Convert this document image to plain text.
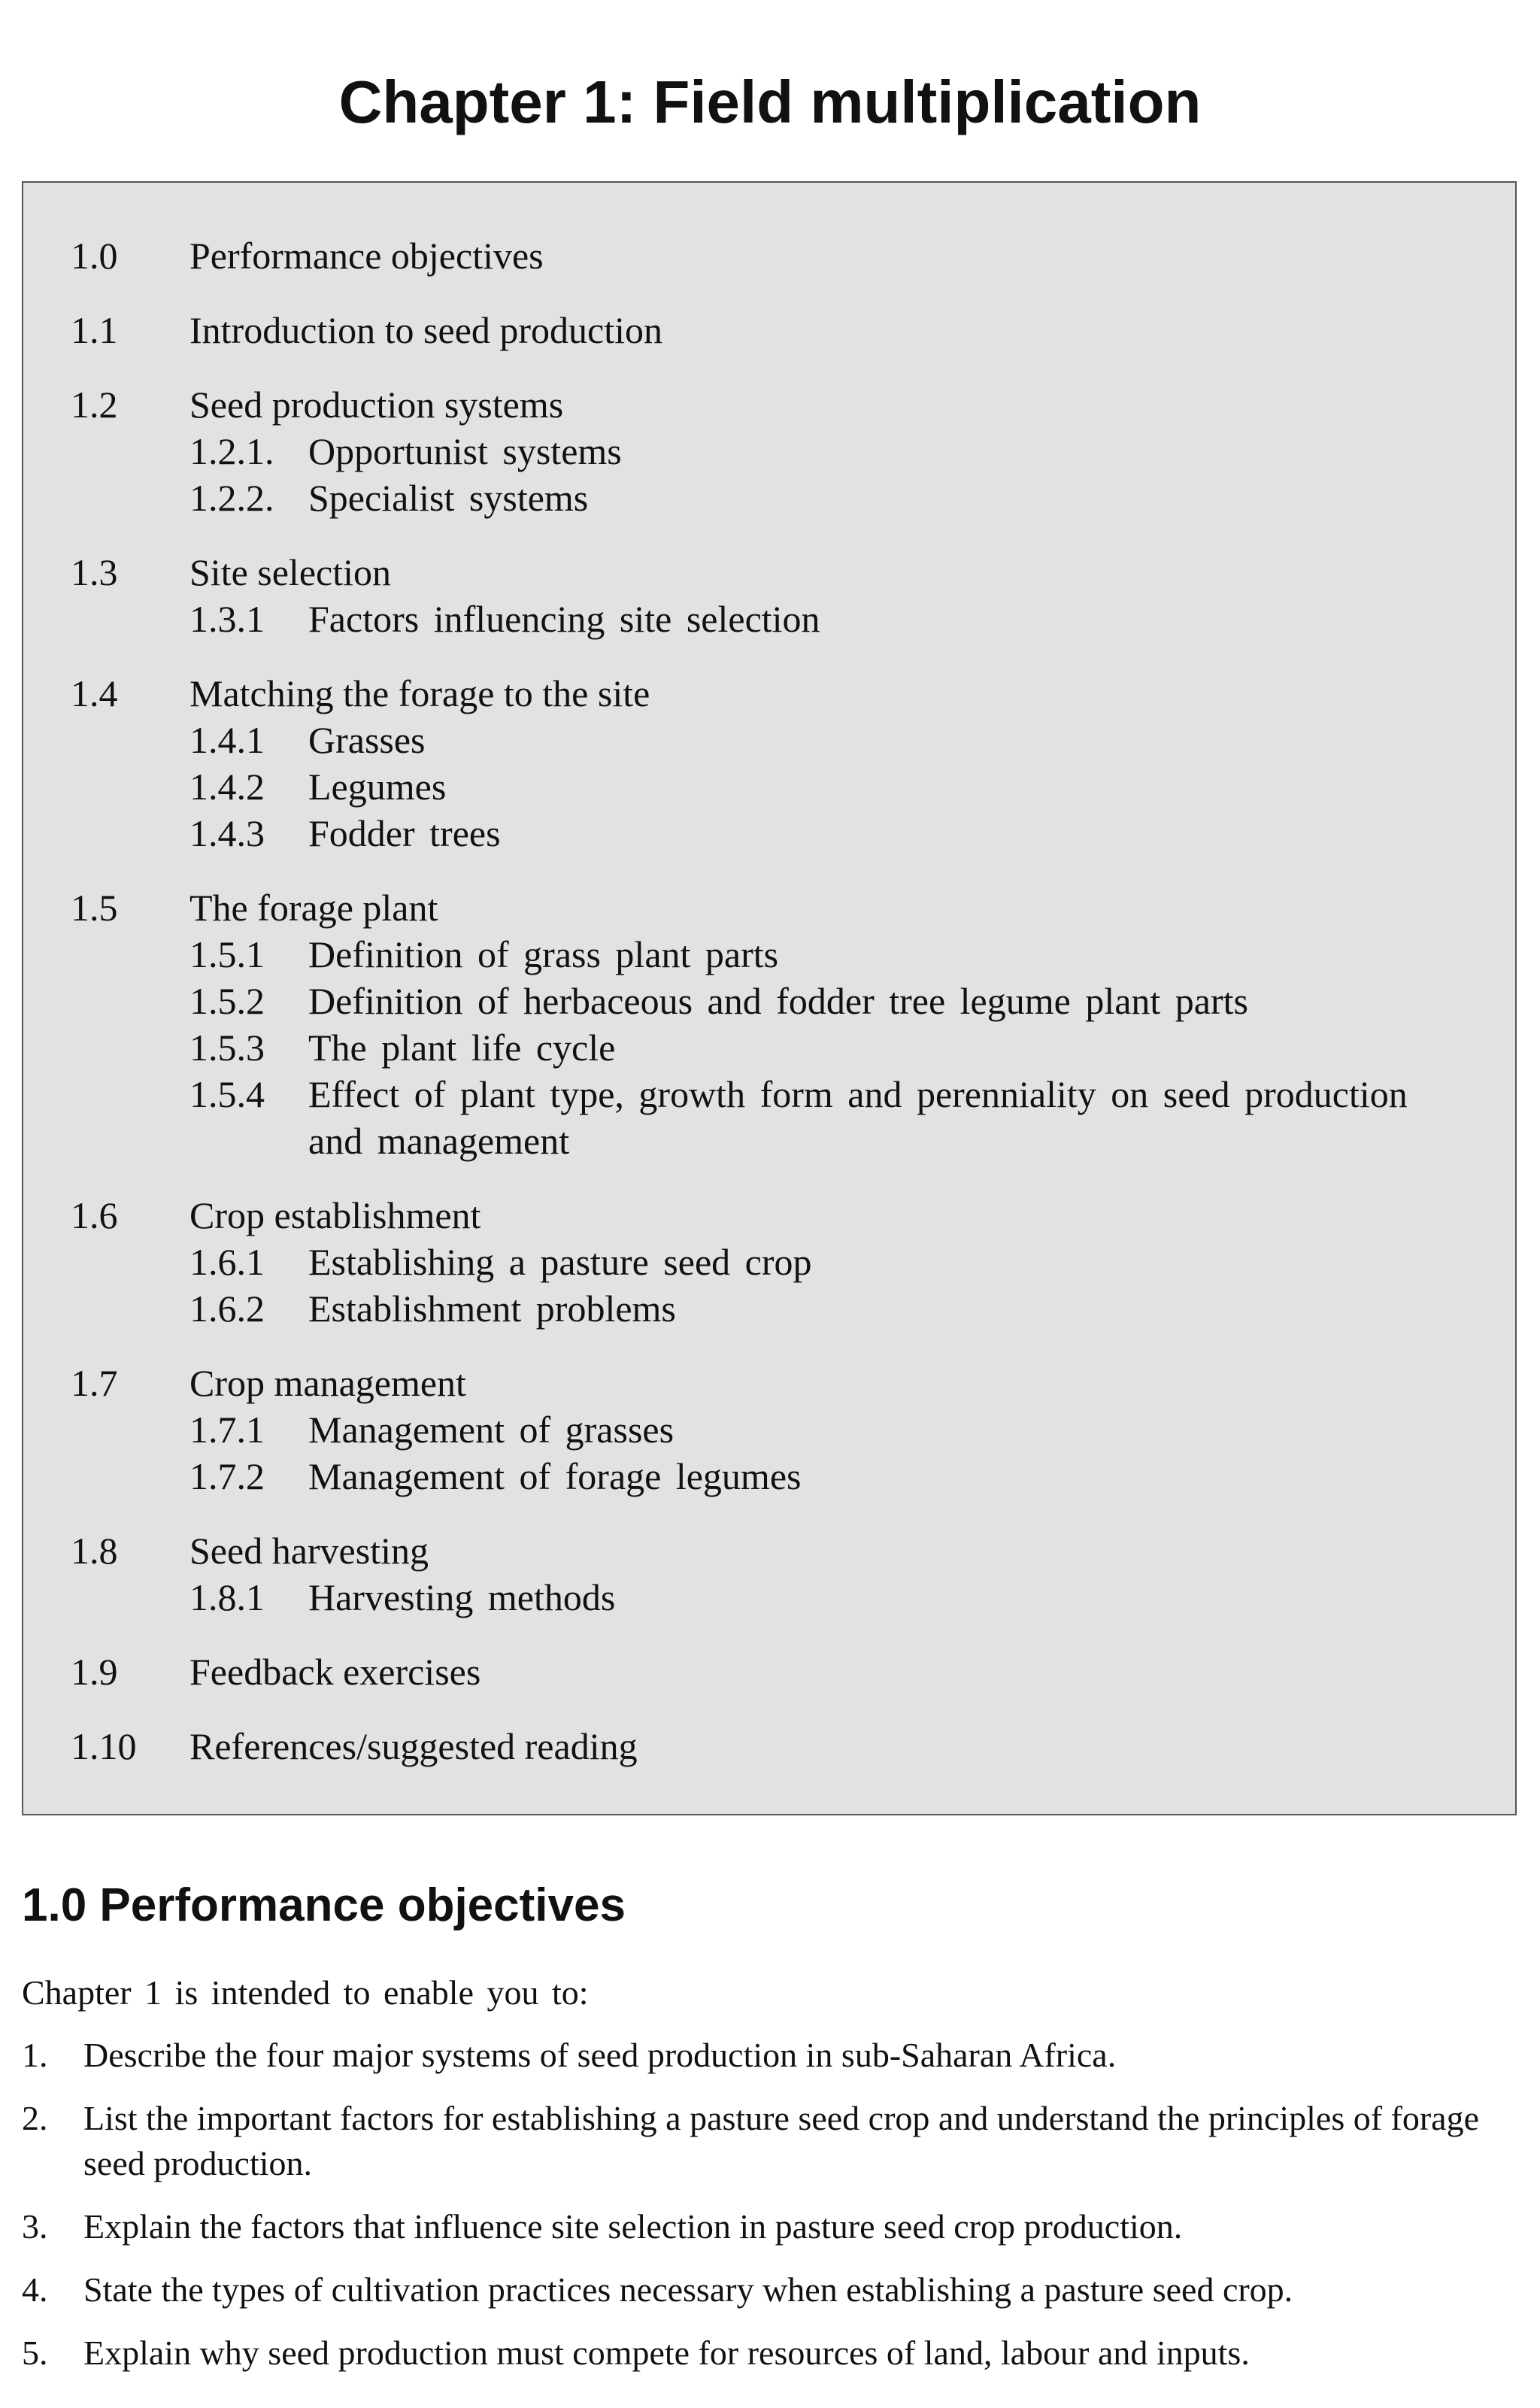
Chapter 1: Field multiplication
1.0 Performance objectives
1.1 Introduction to seed production
1.2 Seed production systems
1.2.1. Opportunist systems
1.2.2. Specialist systems
1.3 Site selection
1.3.1 Factors influencing site selection
1.4 Matching the forage to the site
1.4.1 Grasses
1.4.2 Legumes
1.4.3 Fodder trees
1.5 The forage plant
1.5.1 Definition of grass plant parts
1.5.2 Definition of herbaceous and fodder tree legume plant parts
1.5.3 The plant life cycle
1.5.4 Effect of plant type, growth form and perenniality on seed production and management
1.6 Crop establishment
1.6.1 Establishing a pasture seed crop
1.6.2 Establishment problems
1.7 Crop management
1.7.1 Management of grasses
1.7.2 Management of forage legumes
1.8 Seed harvesting
1.8.1 Harvesting methods
1.9 Feedback exercises
1.10 References/suggested reading
1.0 Performance objectives

Chapter 1 is intended to enable you to:

1. Describe the four major systems of seed production in sub-Saharan Africa.
2. List the important factors for establishing a pasture seed crop and understand the principles of forage seed production.
3. Explain the factors that influence site selection in pasture seed crop production.
4. State the types of cultivation practices necessary when establishing a pasture seed crop.
5. Explain why seed production must compete for resources of land, labour and inputs.
